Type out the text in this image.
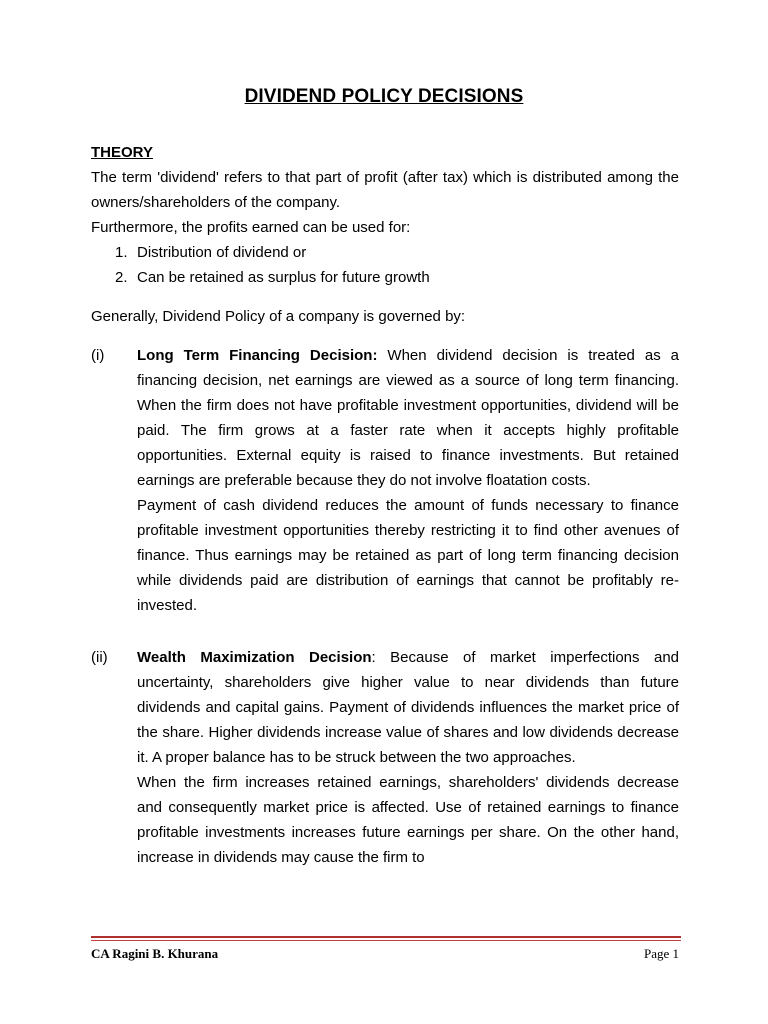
DIVIDEND POLICY DECISIONS
THEORY
The term 'dividend' refers to that part of profit (after tax) which is distributed among the owners/shareholders of the company.
Furthermore, the profits earned can be used for:
1. Distribution of dividend or
2. Can be retained as surplus for future growth
Generally, Dividend Policy of a company is governed by:
(i)	Long Term Financing Decision: When dividend decision is treated as a financing decision, net earnings are viewed as a source of long term financing. When the firm does not have profitable investment opportunities, dividend will be paid. The firm grows at a faster rate when it accepts highly profitable opportunities. External equity is raised to finance investments. But retained earnings are preferable because they do not involve floatation costs.
Payment of cash dividend reduces the amount of funds necessary to finance profitable investment opportunities thereby restricting it to find other avenues of finance. Thus earnings may be retained as part of long term financing decision while dividends paid are distribution of earnings that cannot be profitably re-invested.
(ii)	Wealth Maximization Decision: Because of market imperfections and uncertainty, shareholders give higher value to near dividends than future dividends and capital gains. Payment of dividends influences the market price of the share. Higher dividends increase value of shares and low dividends decrease it. A proper balance has to be struck between the two approaches.
When the firm increases retained earnings, shareholders' dividends decrease and consequently market price is affected. Use of retained earnings to finance profitable investments increases future earnings per share. On the other hand, increase in dividends may cause the firm to
CA Ragini B. Khurana	Page 1
